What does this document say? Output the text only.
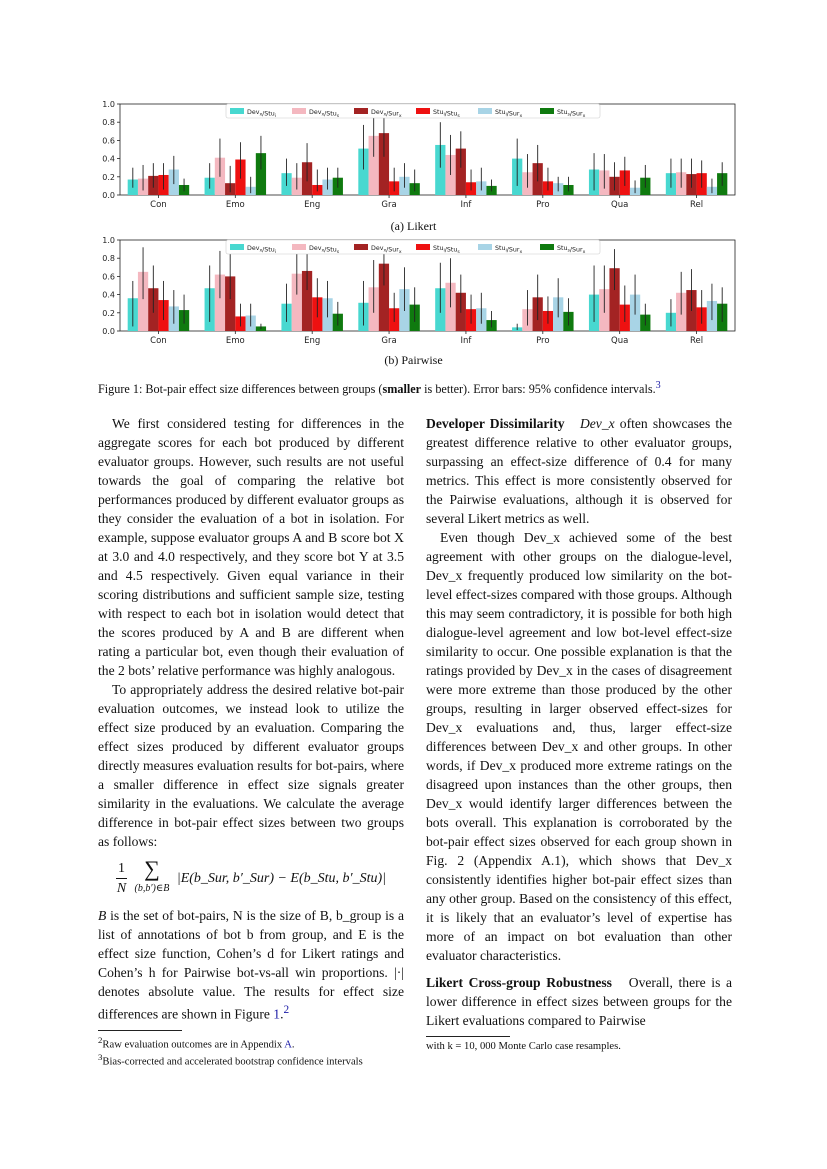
0.0
0.2
0.4
0.6
0.8
1.0
Con	Emo	Eng	Gra	Inf	Pro	Qua	Rel
Dev$_x$/Stu$_i$
Dev$_x$/Stu$_s$
Dev$_x$/Sur$_x$
Stu$_i$/Stu$_s$
Stu$_i$/Sur$_x$
Stu$_s$/Sur$_x$
(a) Likert
0.0
0.2
0.4
0.6
0.8
1.0
Con	Emo	Eng	Gra	Inf	Pro	Qua	Rel
Dev$_x$/Stu$_i$
Dev$_x$/Stu$_s$
Dev$_x$/Sur$_x$
Stu$_i$/Stu$_s$
Stu$_i$/Sur$_x$
Stu$_s$/Sur$_x$
(b) Pairwise
Figure 1: Bot-pair effect size differences between groups (smaller is better). Error bars: 95% confidence intervals.$^3$

We first considered testing for differences in the aggregate scores for each bot produced by different evaluator groups. However, such results are not useful towards the goal of comparing the relative bot performances produced by different evaluator groups as they consider the evaluation of a bot in isolation. For example, suppose evaluator groups A and B score bot X at 3.0 and 4.0 respectively, and they score bot Y at 3.5 and 4.5 respectively. Given equal variance in their scoring distributions and sufficient sample size, testing with respect to each bot in isolation would detect that the scores produced by A and B are different when rating a particular bot, even though their evaluation of the 2 bots’ relative performance was highly analogous.

To appropriately address the desired relative bot-pair evaluation outcomes, we instead look to utilize the effect size produced by an evaluation. Comparing the effect sizes produced by different evaluator groups directly measures evaluation results for bot-pairs, where a smaller difference in effect size signals greater similarity in the evaluations. We calculate the average difference in bot-pair effect sizes between two groups as follows:

$\frac{1}{N}$
∑
(b,b′)∈B
|E(b_Sur, b′_Sur) − E(b_Stu, b′_Stu)|

B is the set of bot-pairs, N is the size of B, b_group is a list of annotations of bot b from group, and E is the effect size function, Cohen’s d for Likert ratings and Cohen’s h for Pairwise bot-vs-all win proportions. |·| denotes absolute value. The results for effect size differences are shown in Figure 1.$^2$

$^2$Raw evaluation outcomes are in Appendix A.
$^3$Bias-corrected and accelerated bootstrap confidence intervals

Developer Dissimilarity Dev_x often showcases the greatest difference relative to other evaluator groups, surpassing an effect-size difference of 0.4 for many metrics. This effect is more consistently observed for the Pairwise evaluations, although it is observed for several Likert metrics as well.

Even though Dev_x achieved some of the best agreement with other groups on the dialogue-level, Dev_x frequently produced low similarity on the bot-level effect-sizes compared with those groups. Although this may seem contradictory, it is possible for both high dialogue-level agreement and low bot-level effect-size similarity to occur. One possible explanation is that the ratings provided by Dev_x in the cases of disagreement were more extreme than those produced by the other groups, resulting in larger observed effect-sizes for Dev_x evaluations and, thus, larger effect-size differences between Dev_x and other groups. In other words, if Dev_x produced more extreme ratings on the disagreed upon instances than the other groups, then Dev_x would identify larger differences between the bots overall. This explanation is corroborated by the bot-pair effect sizes observed for each group shown in Fig. 2 (Appendix A.1), which shows that Dev_x consistently identifies higher bot-pair effect sizes than any other group. Based on the consistency of this effect, it is likely that an evaluator’s level of expertise has more of an impact on bot evaluation than other evaluator characteristics.

Likert Cross-group Robustness Overall, there is a lower difference in effect sizes between groups for the Likert evaluations compared to Pairwise

with k = 10, 000 Monte Carlo case resamples.
